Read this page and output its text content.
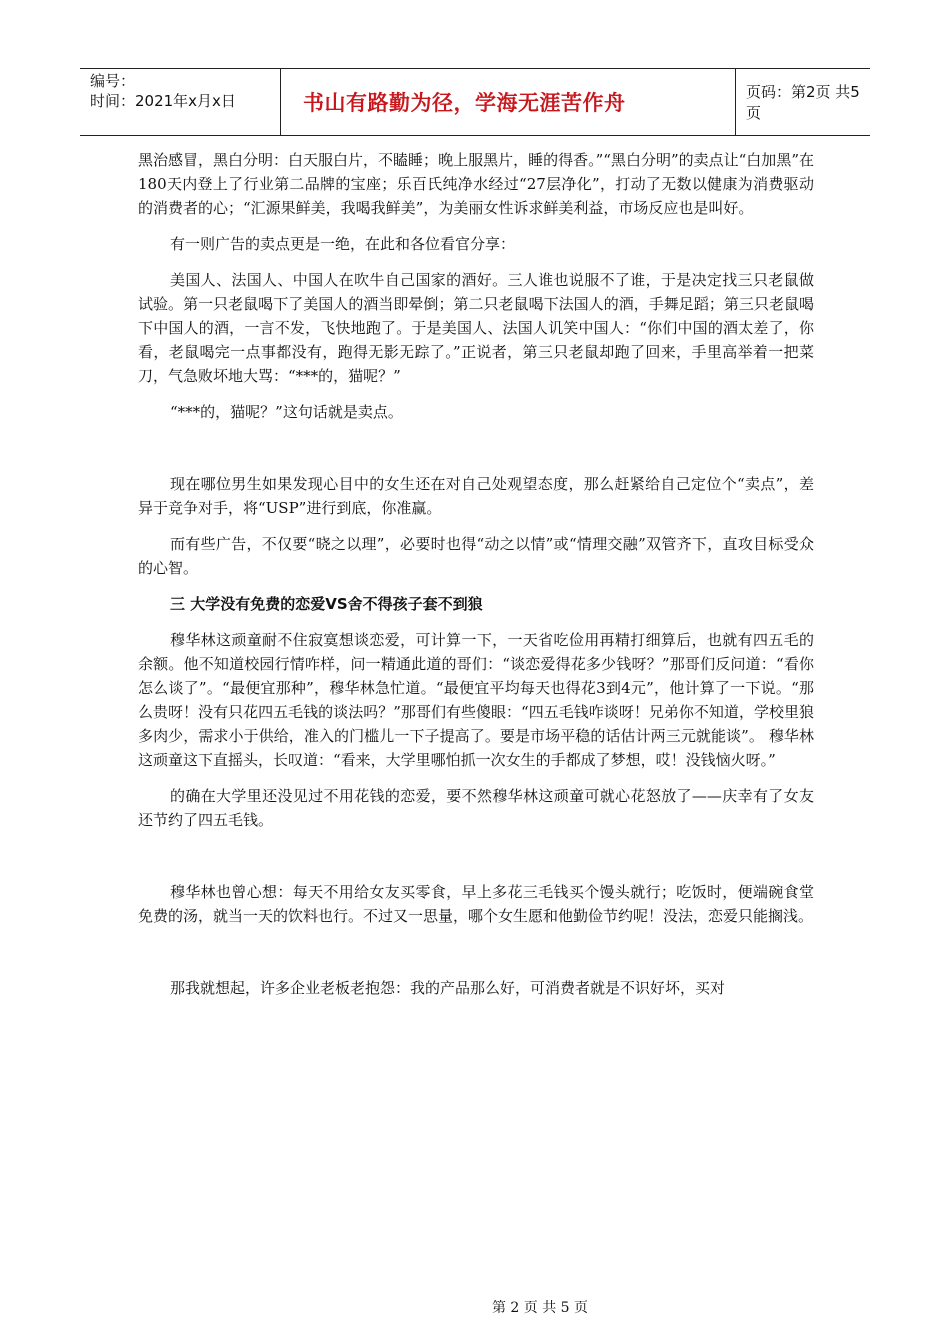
编号：
时间：2021年x月x日	书山有路勤为径，学海无涯苦作舟	页码：第2页 共5页

黑治感冒，黑白分明：白天服白片，不瞌睡；晚上服黑片，睡的得香。”“黑白分明”的卖点让“白加黑”在180天内登上了行业第二品牌的宝座；乐百氏纯净水经过“27层净化”，打动了无数以健康为消费驱动的消费者的心；“汇源果鲜美，我喝我鲜美”，为美丽女性诉求鲜美利益，市场反应也是叫好。

有一则广告的卖点更是一绝，在此和各位看官分享：

美国人、法国人、中国人在吹牛自己国家的酒好。三人谁也说服不了谁，于是决定找三只老鼠做试验。第一只老鼠喝下了美国人的酒当即晕倒；第二只老鼠喝下法国人的酒，手舞足蹈；第三只老鼠喝下中国人的酒，一言不发，飞快地跑了。于是美国人、法国人讥笑中国人：“你们中国的酒太差了，你看，老鼠喝完一点事都没有，跑得无影无踪了。”正说者，第三只老鼠却跑了回来，手里高举着一把菜刀，气急败坏地大骂：“***的，猫呢？”

“***的，猫呢？”这句话就是卖点。

现在哪位男生如果发现心目中的女生还在对自己处观望态度，那么赶紧给自己定位个“卖点”，差异于竞争对手，将“USP”进行到底，你准赢。

而有些广告，不仅要“晓之以理”，必要时也得“动之以情”或“情理交融”双管齐下，直攻目标受众的心智。

三 大学没有免费的恋爱VS舍不得孩子套不到狼

穆华林这顽童耐不住寂寞想谈恋爱，可计算一下，一天省吃俭用再精打细算后，也就有四五毛的余额。他不知道校园行情咋样，问一精通此道的哥们：“谈恋爱得花多少钱呀？”那哥们反问道：“看你怎么谈了”。“最便宜那种”，穆华林急忙道。“最便宜平均每天也得花3到4元”，他计算了一下说。“那么贵呀！没有只花四五毛钱的谈法吗？”那哥们有些傻眼：“四五毛钱咋谈呀！兄弟你不知道，学校里狼多肉少，需求小于供给，准入的门槛儿一下子提高了。要是市场平稳的话估计两三元就能谈”。 穆华林这顽童这下直摇头，长叹道：“看来，大学里哪怕抓一次女生的手都成了梦想，哎！没钱恼火呀。”

的确在大学里还没见过不用花钱的恋爱，要不然穆华林这顽童可就心花怒放了——庆幸有了女友还节约了四五毛钱。

穆华林也曾心想：每天不用给女友买零食，早上多花三毛钱买个馒头就行；吃饭时，便端碗食堂免费的汤，就当一天的饮料也行。不过又一思量，哪个女生愿和他勤俭节约呢！没法，恋爱只能搁浅。

那我就想起，许多企业老板老抱怨：我的产品那么好，可消费者就是不识好坏，买对

第 2 页 共 5 页
